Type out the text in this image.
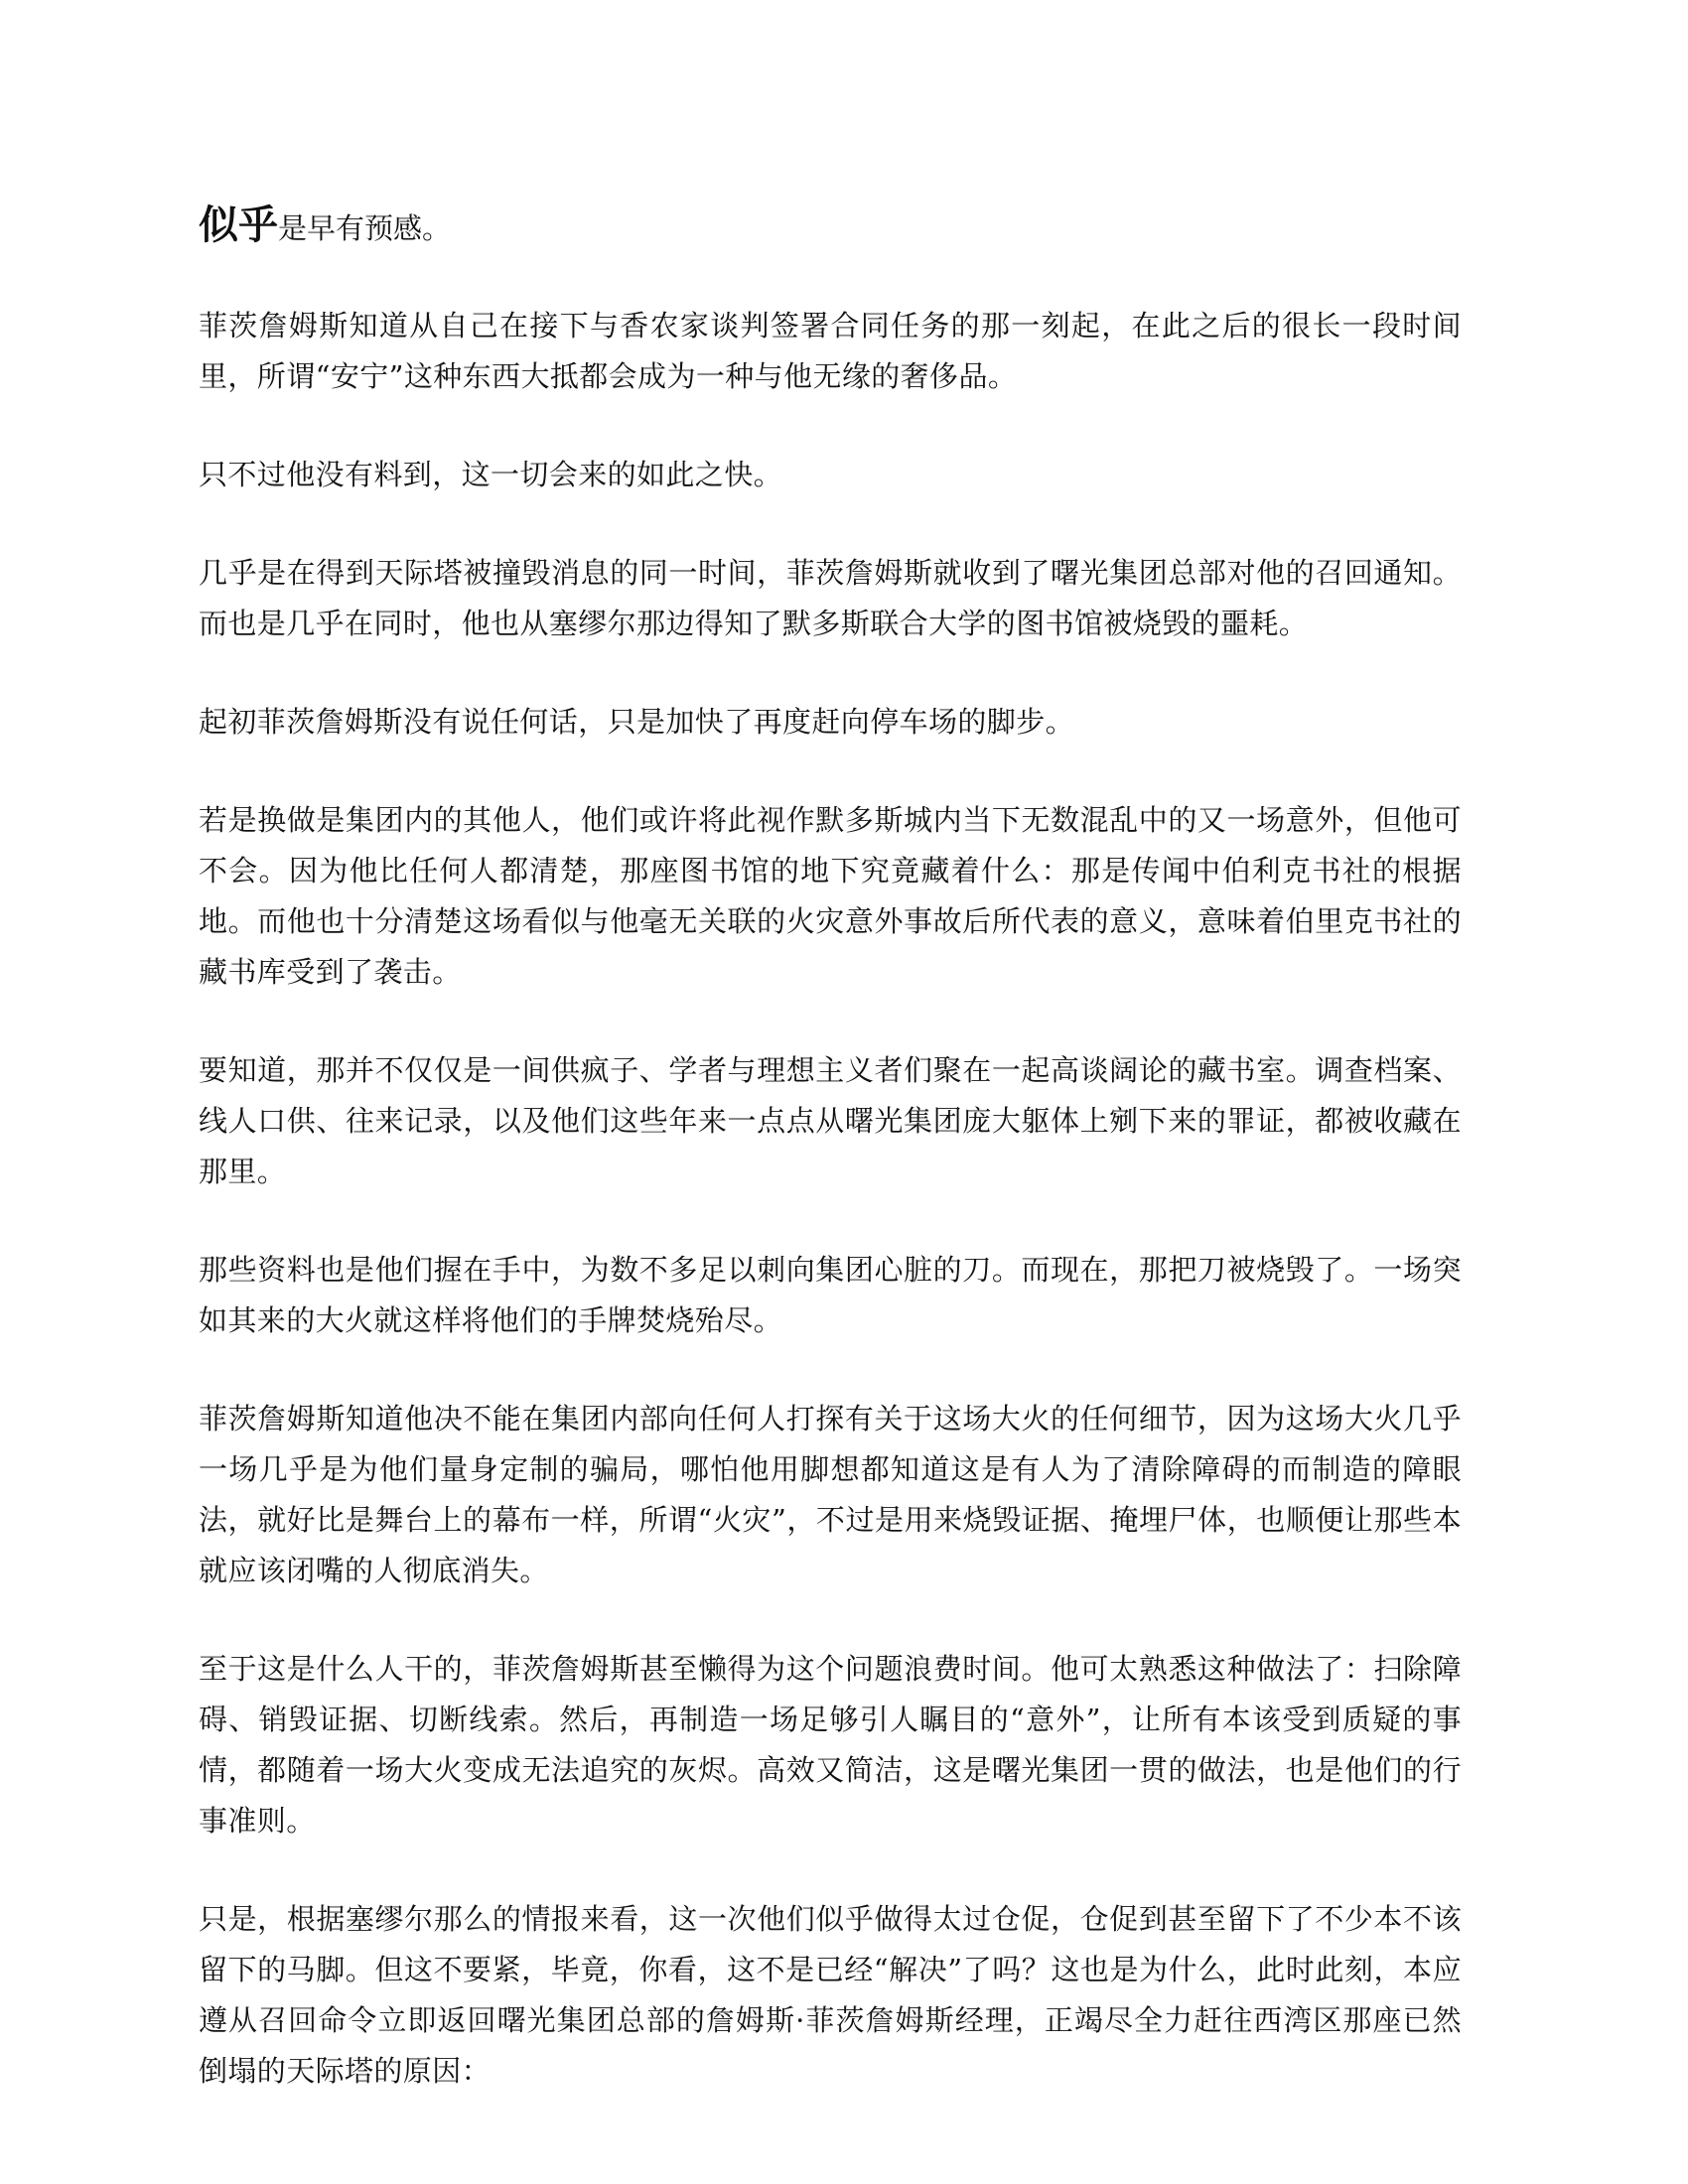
似乎是早有预感。

菲茨詹姆斯知道从自己在接下与香农家谈判签署合同任务的那一刻起，在此之后的很长一段时间里，所谓“安宁”这种东西大抵都会成为一种与他无缘的奢侈品。

只不过他没有料到，这一切会来的如此之快。

几乎是在得到天际塔被撞毁消息的同一时间，菲茨詹姆斯就收到了曙光集团总部对他的召回通知。而也是几乎在同时，他也从塞缪尔那边得知了默多斯联合大学的图书馆被烧毁的噩耗。

起初菲茨詹姆斯没有说任何话，只是加快了再度赶向停车场的脚步。

若是换做是集团内的其他人，他们或许将此视作默多斯城内当下无数混乱中的又一场意外，但他可不会。因为他比任何人都清楚，那座图书馆的地下究竟藏着什么：那是传闻中伯利克书社的根据地。而他也十分清楚这场看似与他毫无关联的火灾意外事故后所代表的意义，意味着伯里克书社的藏书库受到了袭击。

要知道，那并不仅仅是一间供疯子、学者与理想主义者们聚在一起高谈阔论的藏书室。调查档案、线人口供、往来记录，以及他们这些年来一点点从曙光集团庞大躯体上剜下来的罪证，都被收藏在那里。

那些资料也是他们握在手中，为数不多足以刺向集团心脏的刀。而现在，那把刀被烧毁了。一场突如其来的大火就这样将他们的手牌焚烧殆尽。

菲茨詹姆斯知道他决不能在集团内部向任何人打探有关于这场大火的任何细节，因为这场大火几乎一场几乎是为他们量身定制的骗局，哪怕他用脚想都知道这是有人为了清除障碍的而制造的障眼法，就好比是舞台上的幕布一样，所谓“火灾”，不过是用来烧毁证据、掩埋尸体，也顺便让那些本就应该闭嘴的人彻底消失。

至于这是什么人干的，菲茨詹姆斯甚至懒得为这个问题浪费时间。他可太熟悉这种做法了：扫除障碍、销毁证据、切断线索。然后，再制造一场足够引人瞩目的“意外”，让所有本该受到质疑的事情，都随着一场大火变成无法追究的灰烬。高效又简洁，这是曙光集团一贯的做法，也是他们的行事准则。

只是，根据塞缪尔那么的情报来看，这一次他们似乎做得太过仓促，仓促到甚至留下了不少本不该留下的马脚。但这不要紧，毕竟，你看，这不是已经“解决”了吗？这也是为什么，此时此刻，本应遵从召回命令立即返回曙光集团总部的詹姆斯·菲茨詹姆斯经理，正竭尽全力赶往西湾区那座已然倒塌的天际塔的原因：
